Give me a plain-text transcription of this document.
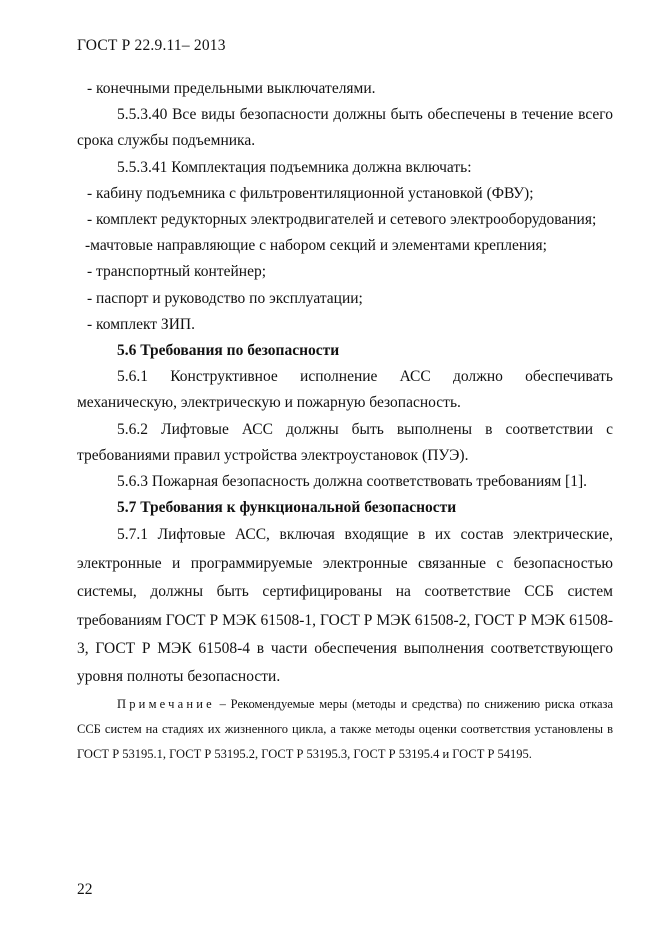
ГОСТ Р 22.9.11– 2013

- конечными предельными выключателями.

5.5.3.40 Все виды безопасности должны быть обеспечены в течение всего срока службы подъемника.

5.5.3.41 Комплектация подъемника должна включать:

- кабину подъемника с фильтровентиляционной установкой (ФВУ);

- комплект редукторных электродвигателей и сетевого электрооборудования;

-мачтовые направляющие с набором секций и элементами крепления;

- транспортный контейнер;

- паспорт и руководство по эксплуатации;

- комплект ЗИП.

5.6 Требования по безопасности

5.6.1 Конструктивное исполнение АСС должно обеспечивать механическую, электрическую и пожарную безопасность.

5.6.2 Лифтовые АСС должны быть выполнены в соответствии с требованиями правил устройства электроустановок (ПУЭ).

5.6.3 Пожарная безопасность должна соответствовать требованиям [1].

5.7 Требования к функциональной безопасности

5.7.1 Лифтовые АСС, включая входящие в их состав электрические, электронные и программируемые электронные связанные с безопасностью системы, должны быть сертифицированы на соответствие ССБ систем требованиям ГОСТ Р МЭК 61508-1, ГОСТ Р МЭК 61508-2, ГОСТ Р МЭК 61508-3, ГОСТ Р МЭК 61508-4 в части обеспечения выполнения соответствующего уровня полноты безопасности.

Примечание – Рекомендуемые меры (методы и средства) по снижению риска отказа ССБ систем на стадиях их жизненного цикла, а также методы оценки соответствия установлены в ГОСТ Р 53195.1, ГОСТ Р 53195.2, ГОСТ Р 53195.3, ГОСТ Р 53195.4 и ГОСТ Р 54195.

22
